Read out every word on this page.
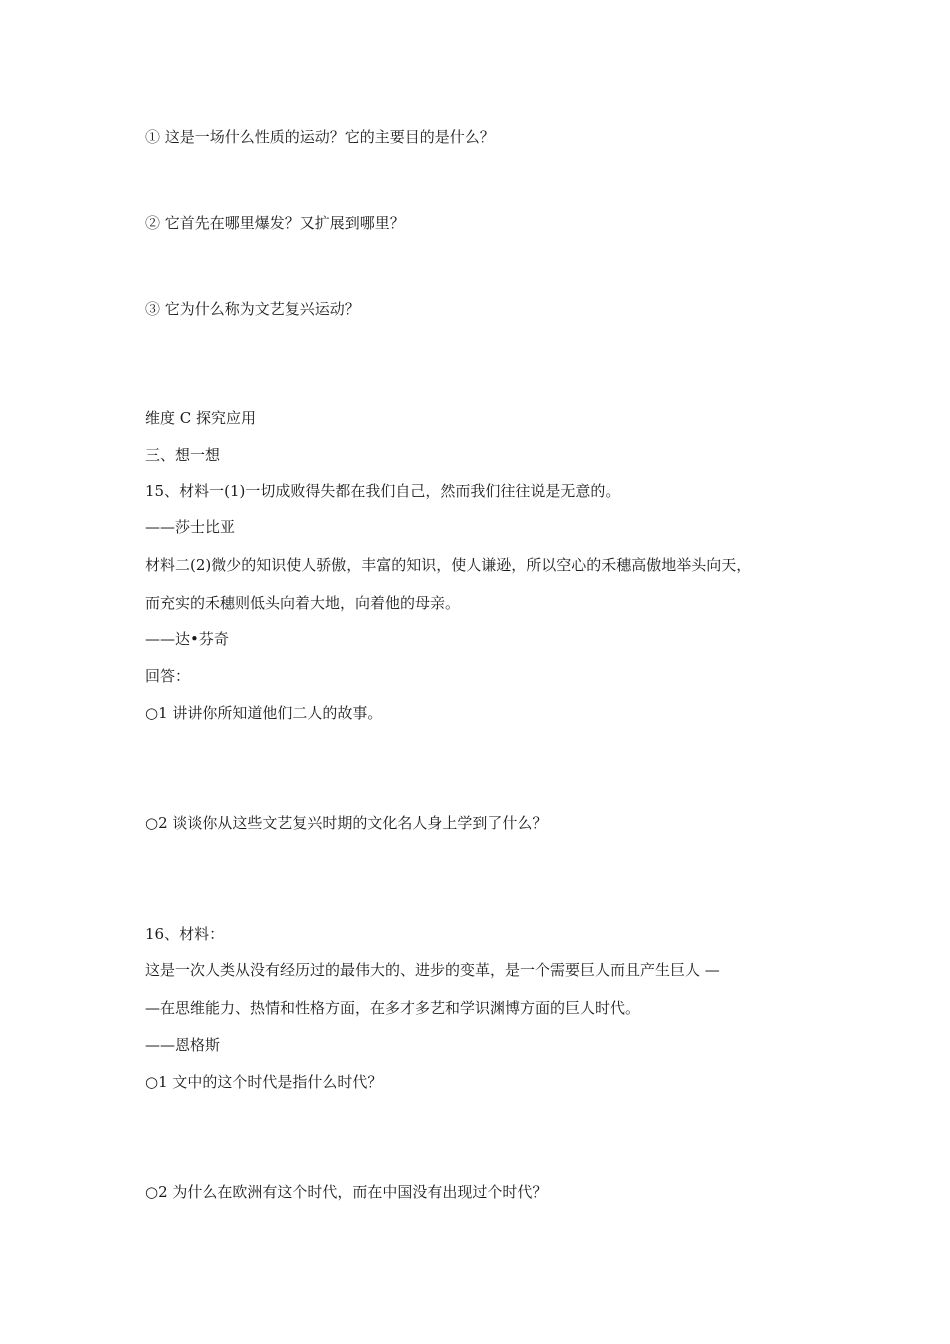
① 这是一场什么性质的运动？它的主要目的是什么？
② 它首先在哪里爆发？又扩展到哪里？
③ 它为什么称为文艺复兴运动？
维度 C 探究应用
三、想一想
15、材料一(1)一切成败得失都在我们自己，然而我们往往说是无意的。
——莎士比亚
材料二(2)微少的知识使人骄傲，丰富的知识，使人谦逊，所以空心的禾穗高傲地举头向天，
而充实的禾穗则低头向着大地，向着他的母亲。
——达•芬奇
回答：
○1 讲讲你所知道他们二人的故事。
○2 谈谈你从这些文艺复兴时期的文化名人身上学到了什么？
16、材料：
这是一次人类从没有经历过的最伟大的、进步的变革，是一个需要巨人而且产生巨人 —
—在思维能力、热情和性格方面，在多才多艺和学识渊博方面的巨人时代。
——恩格斯
○1 文中的这个时代是指什么时代？
○2 为什么在欧洲有这个时代，而在中国没有出现过个时代？
